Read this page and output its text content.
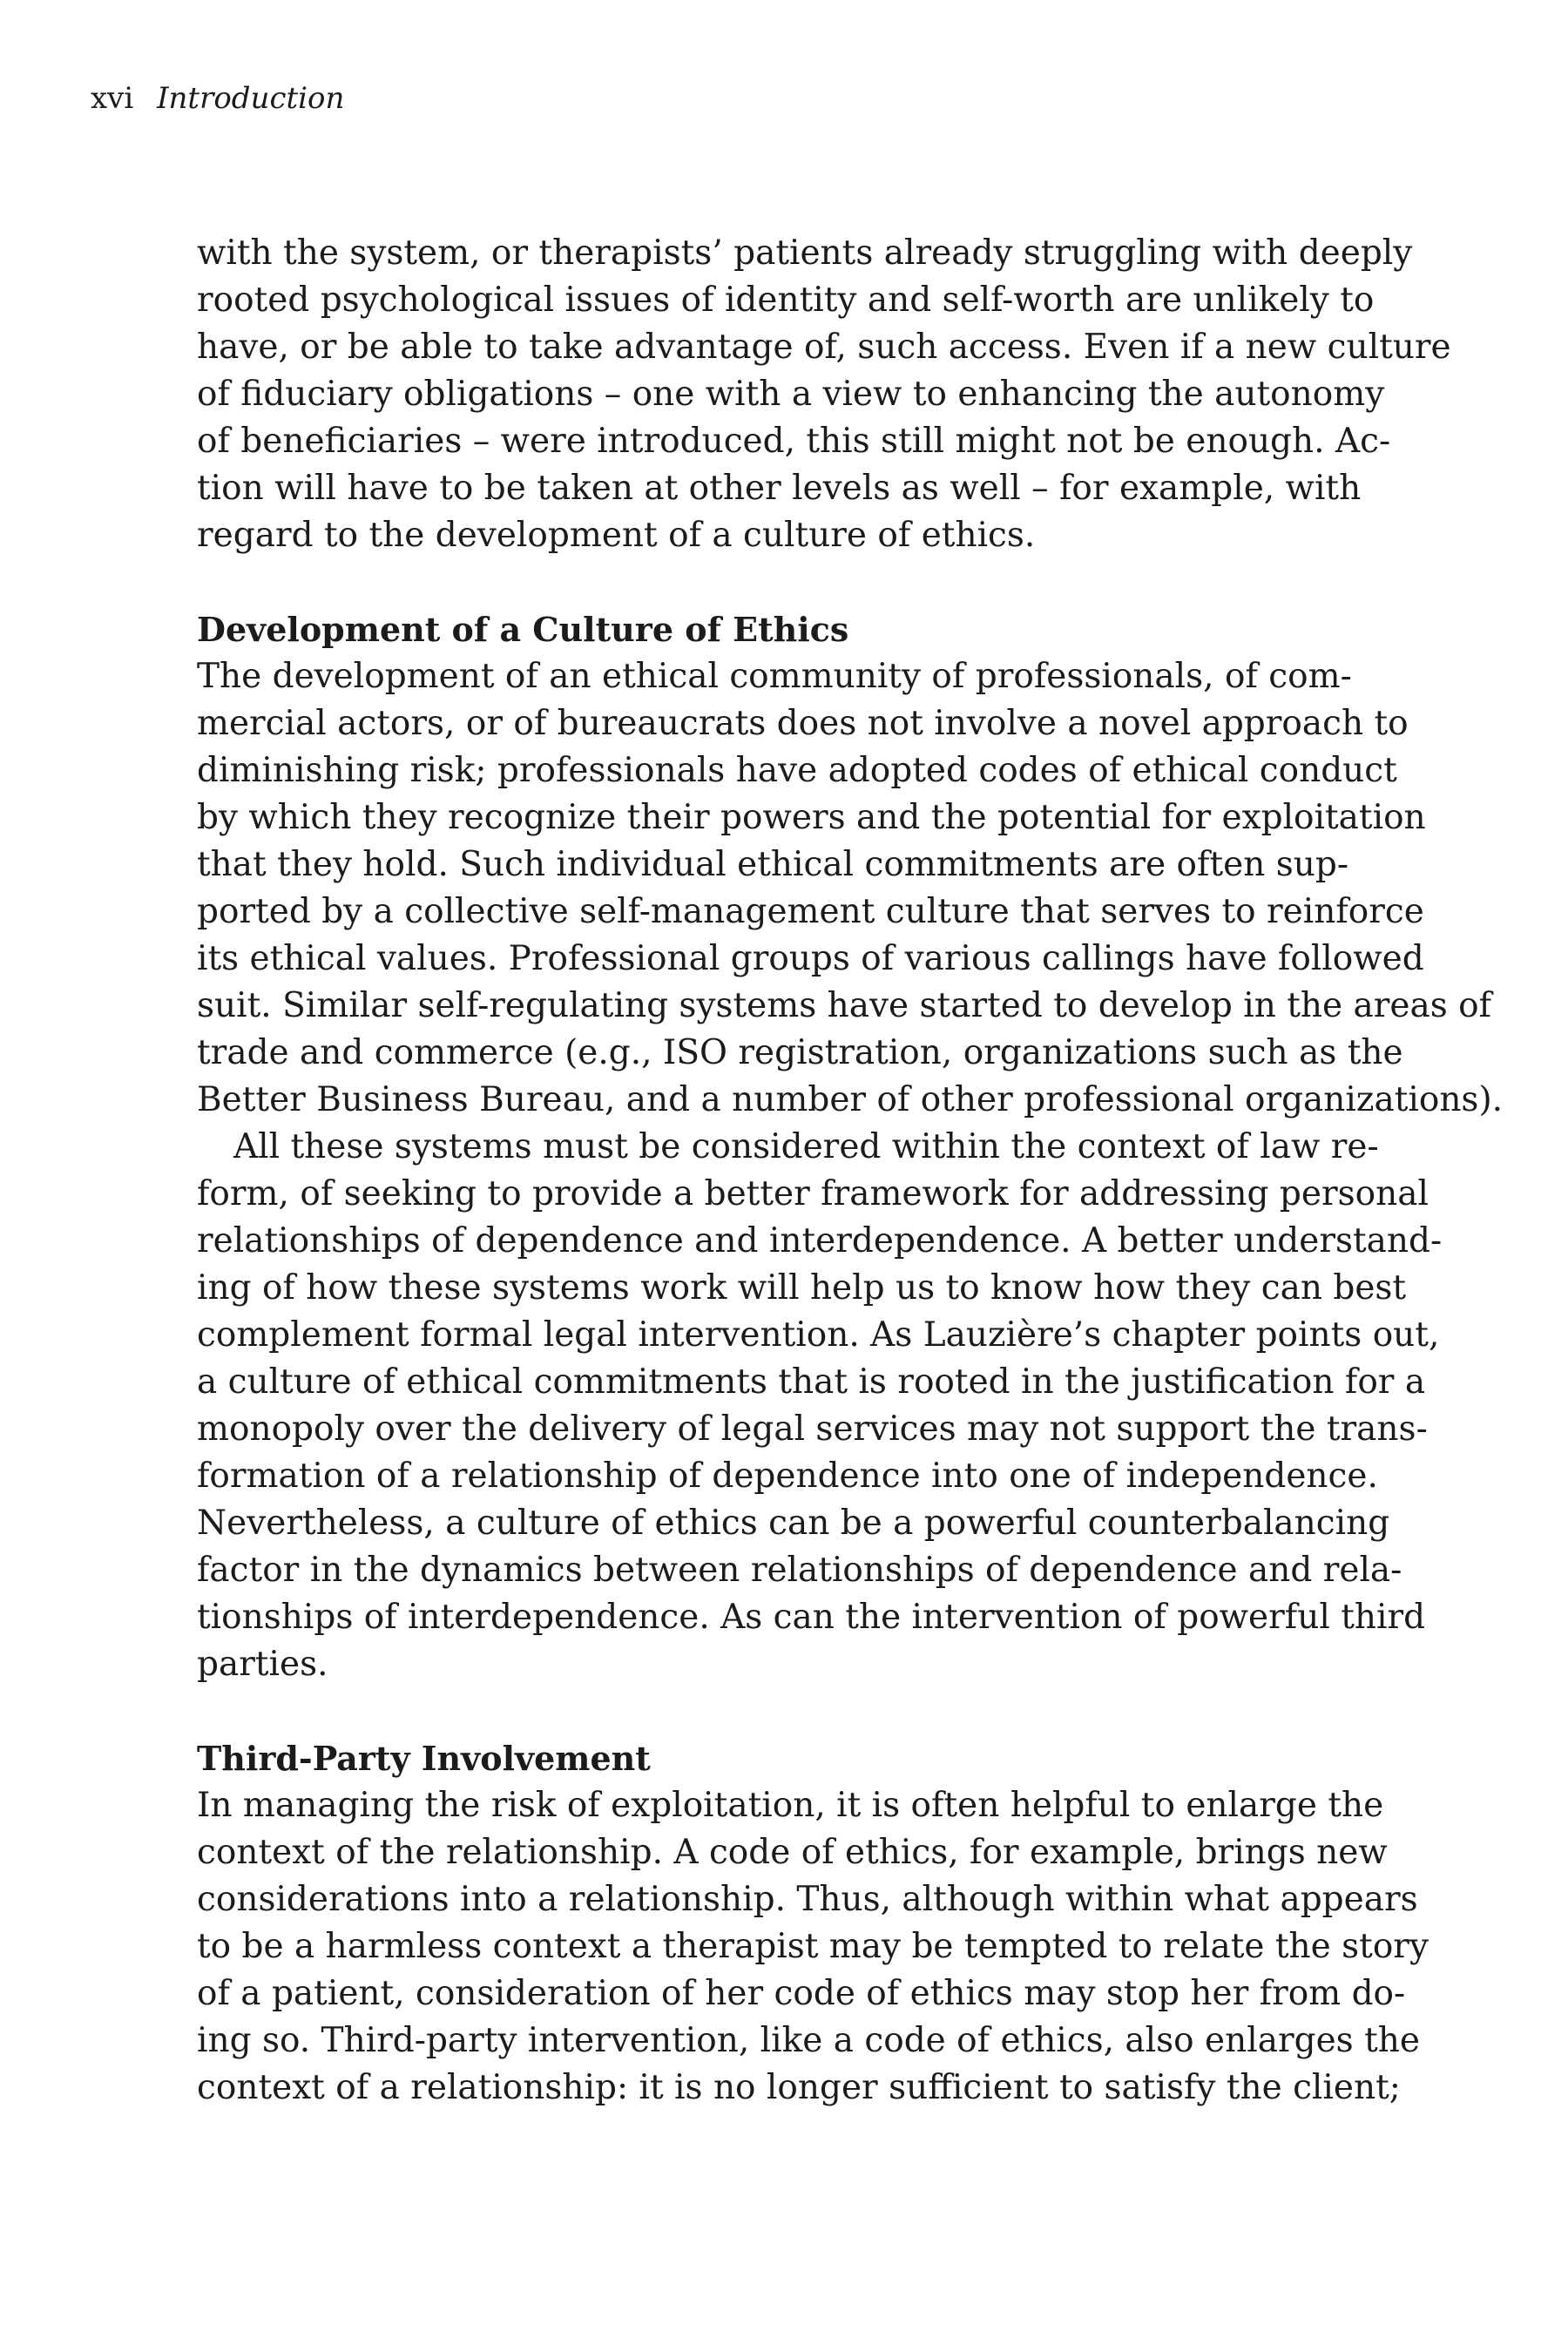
xvi Introduction
with the system, or therapists’ patients already struggling with deeply
rooted psychological issues of identity and self-worth are unlikely to
have, or be able to take advantage of, such access. Even if a new culture
of fiduciary obligations – one with a view to enhancing the autonomy
of beneficiaries – were introduced, this still might not be enough. Ac-
tion will have to be taken at other levels as well – for example, with
regard to the development of a culture of ethics.
Development of a Culture of Ethics
The development of an ethical community of professionals, of com-
mercial actors, or of bureaucrats does not involve a novel approach to
diminishing risk; professionals have adopted codes of ethical conduct
by which they recognize their powers and the potential for exploitation
that they hold. Such individual ethical commitments are often sup-
ported by a collective self-management culture that serves to reinforce
its ethical values. Professional groups of various callings have followed
suit. Similar self-regulating systems have started to develop in the areas of
trade and commerce (e.g., ISO registration, organizations such as the
Better Business Bureau, and a number of other professional organizations).
All these systems must be considered within the context of law re-
form, of seeking to provide a better framework for addressing personal
relationships of dependence and interdependence. A better understand-
ing of how these systems work will help us to know how they can best
complement formal legal intervention. As Lauzière’s chapter points out,
a culture of ethical commitments that is rooted in the justification for a
monopoly over the delivery of legal services may not support the trans-
formation of a relationship of dependence into one of independence.
Nevertheless, a culture of ethics can be a powerful counterbalancing
factor in the dynamics between relationships of dependence and rela-
tionships of interdependence. As can the intervention of powerful third
parties.
Third-Party Involvement
In managing the risk of exploitation, it is often helpful to enlarge the
context of the relationship. A code of ethics, for example, brings new
considerations into a relationship. Thus, although within what appears
to be a harmless context a therapist may be tempted to relate the story
of a patient, consideration of her code of ethics may stop her from do-
ing so. Third-party intervention, like a code of ethics, also enlarges the
context of a relationship: it is no longer sufficient to satisfy the client;
